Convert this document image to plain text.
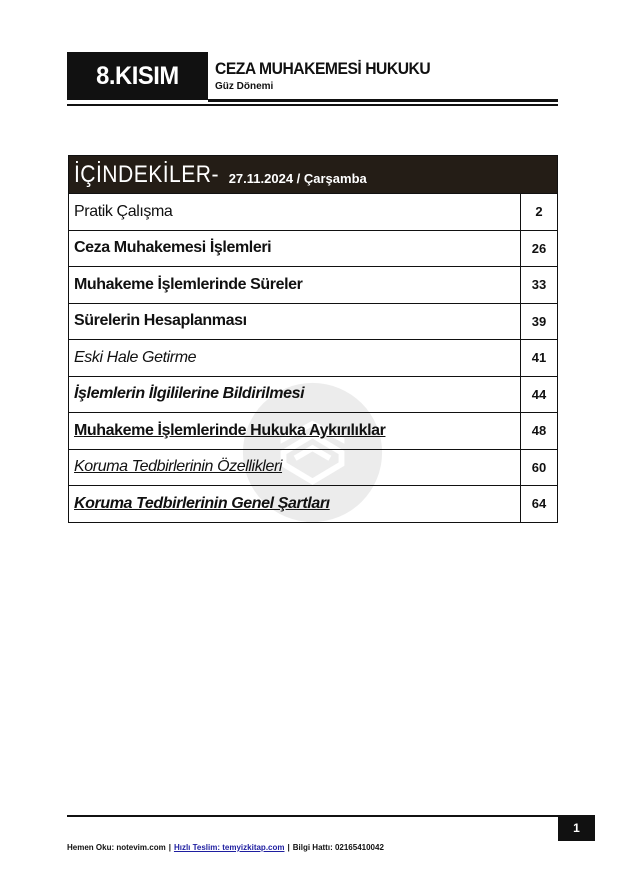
8.KISIM CEZA MUHAKEMESİ HUKUKU
Güz Dönemi
İÇİNDEKİLER- 27.11.2024 / Çarşamba
Pratik Çalışma	2
Ceza Muhakemesi İşlemleri	26
Muhakeme İşlemlerinde Süreler	33
Sürelerin Hesaplanması	39
Eski Hale Getirme	41
İşlemlerin İlgililerine Bildirilmesi	44
Muhakeme İşlemlerinde Hukuka Aykırılıklar	48
Koruma Tedbirlerinin Özellikleri	60
Koruma Tedbirlerinin Genel Şartları	64
1
Hemen Oku: notevim.com | Hızlı Teslim: temyizkitap.com | Bilgi Hattı: 02165410042
